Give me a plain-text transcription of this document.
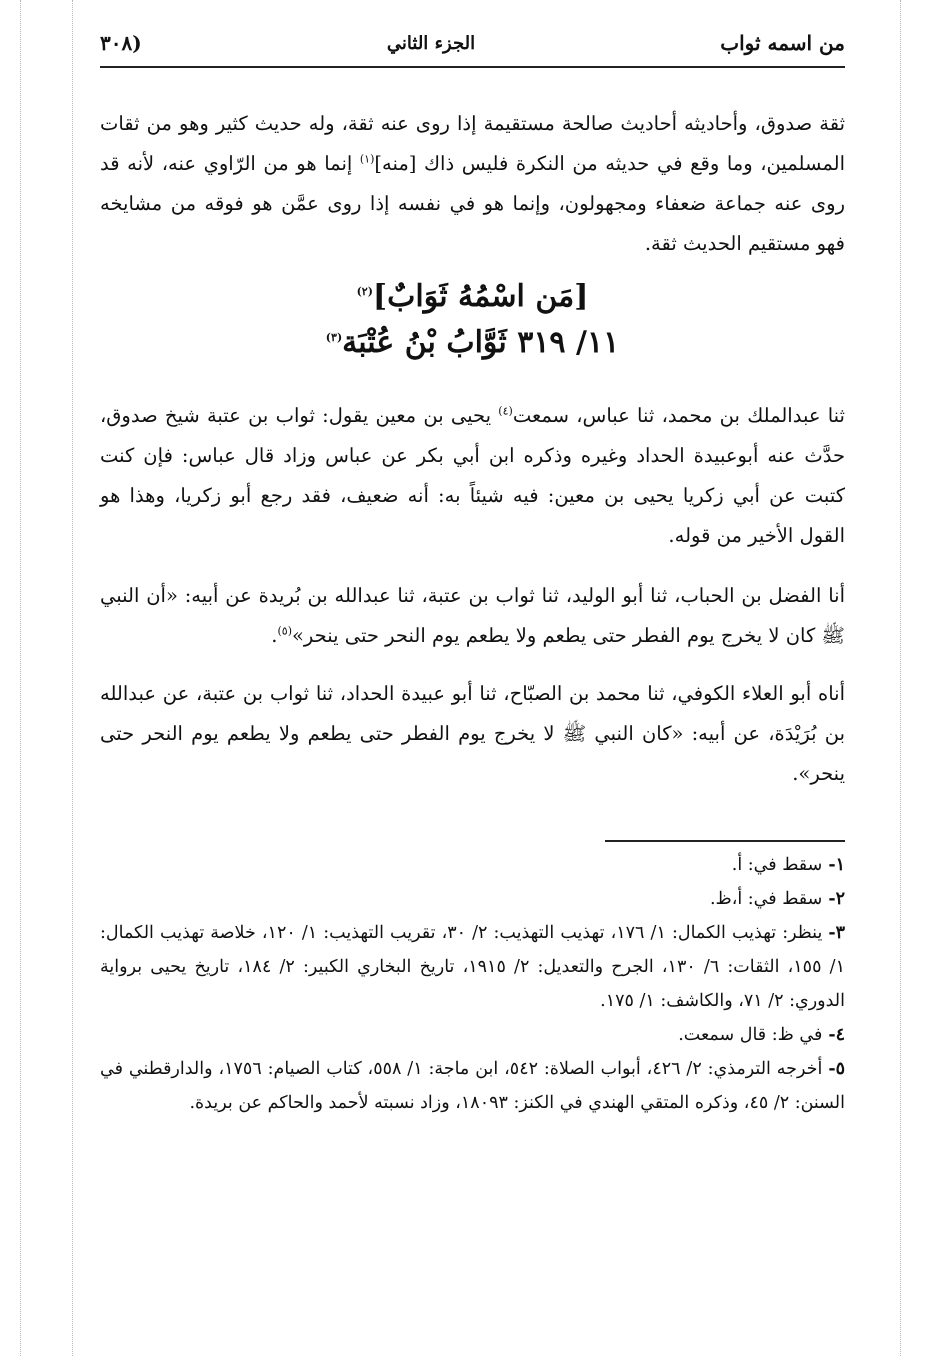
من اسمه ثواب
الجزء الثاني
(٣٠٨

ثقة صدوق، وأحاديثه أحاديث صالحة مستقيمة إذا روى عنه ثقة، وله حديث كثير وهو من ثقات المسلمين، وما وقع في حديثه من النكرة فليس ذاك [منه]$^{(١)}$ إنما هو من الرّاوي عنه، لأنه قد روى عنه جماعة ضعفاء ومجهولون، وإنما هو في نفسه إذا روى عمَّن هو فوقه من مشايخه فهو مستقيم الحديث ثقة.

[مَن اسْمُهُ ثَوَابٌ]$^{(٢)}$
١١/ ٣١٩ ثَوَّابُ بْنُ عُتْبَة$^{(٣)}$

ثنا عبدالملك بن محمد، ثنا عباس، سمعت$^{(٤)}$ يحيى بن معين يقول: ثواب بن عتبة شيخ صدوق، حدَّث عنه أبوعبيدة الحداد وغيره وذكره ابن أبي بكر عن عباس وزاد قال عباس: فإن كنت كتبت عن أبي زكريا يحيى بن معين: فيه شيئاً به: أنه ضعيف، فقد رجع أبو زكريا، وهذا هو القول الأخير من قوله.

أنا الفضل بن الحباب، ثنا أبو الوليد، ثنا ثواب بن عتبة، ثنا عبدالله بن بُريدة عن أبيه: «أن النبي ﷺ كان لا يخرج يوم الفطر حتى يطعم ولا يطعم يوم النحر حتى ينحر»$^{(٥)}$.

أناه أبو العلاء الكوفي، ثنا محمد بن الصبّاح، ثنا أبو عبيدة الحداد، ثنا ثواب بن عتبة، عن عبدالله بن بُرَيْدَة، عن أبيه: «كان النبي ﷺ لا يخرج يوم الفطر حتى يطعم ولا يطعم يوم النحر حتى ينحر».

١-سقط في: أ.

٢-سقط في: أ،ظ.

٣-ينظر: تهذيب الكمال: ١/ ١٧٦، تهذيب التهذيب: ٢/ ٣٠، تقريب التهذيب: ١/ ١٢٠، خلاصة تهذيب الكمال: ١/ ١٥٥، الثقات: ٦/ ١٣٠، الجرح والتعديل: ٢/ ١٩١٥، تاريخ البخاري الكبير: ٢/ ١٨٤، تاريخ يحيى برواية الدوري: ٢/ ٧١، والكاشف: ١/ ١٧٥.

٤-في ظ: قال سمعت.

٥-أخرجه الترمذي: ٢/ ٤٢٦، أبواب الصلاة: ٥٤٢، ابن ماجة: ١/ ٥٥٨، كتاب الصيام: ١٧٥٦، والدارقطني في السنن: ٢/ ٤٥، وذكره المتقي الهندي في الكنز: ١٨٠٩٣، وزاد نسبته لأحمد والحاكم عن بريدة.
